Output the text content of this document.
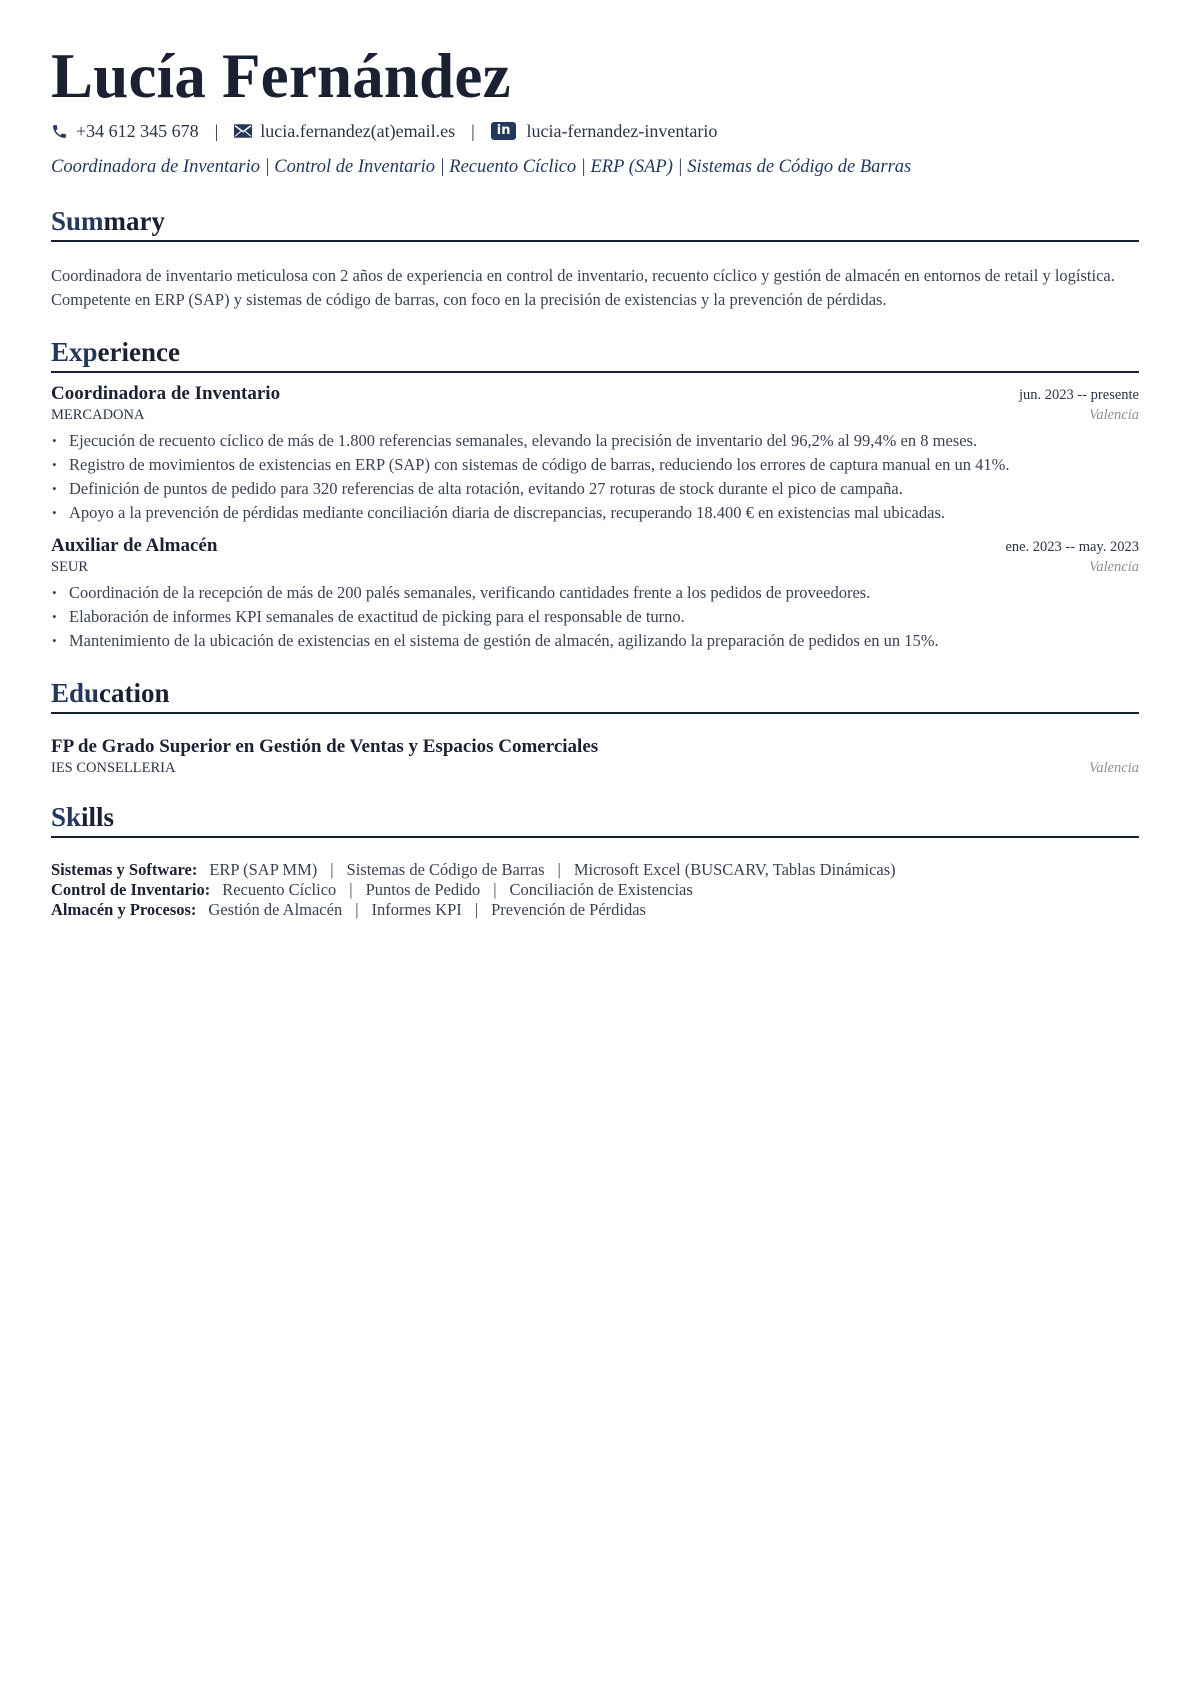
Lucía Fernández
+34 612 345 678 | lucia.fernandez(at)email.es |	in lucia-fernandez-inventario
Coordinadora de Inventario | Control de Inventario | Recuento Cíclico | ERP (SAP) | Sistemas de Código de Barras
Summary
Coordinadora de inventario meticulosa con 2 años de experiencia en control de inventario, recuento cíclico y gestión de almacén en entornos de retail y logística. Competente en ERP (SAP) y sistemas de código de barras, con foco en la precisión de existencias y la prevención de pérdidas.
Experience
Coordinadora de Inventario	jun. 2023 -- presente
MERCADONA	Valencia
• Ejecución de recuento cíclico de más de 1.800 referencias semanales, elevando la precisión de inventario del 96,2% al 99,4% en 8 meses.
• Registro de movimientos de existencias en ERP (SAP) con sistemas de código de barras, reduciendo los errores de captura manual en un 41%.
• Definición de puntos de pedido para 320 referencias de alta rotación, evitando 27 roturas de stock durante el pico de campaña.
• Apoyo a la prevención de pérdidas mediante conciliación diaria de discrepancias, recuperando 18.400 € en existencias mal ubicadas.
Auxiliar de Almacén	ene. 2023 -- may. 2023
SEUR	Valencia
• Coordinación de la recepción de más de 200 palés semanales, verificando cantidades frente a los pedidos de proveedores.
• Elaboración de informes KPI semanales de exactitud de picking para el responsable de turno.
• Mantenimiento de la ubicación de existencias en el sistema de gestión de almacén, agilizando la preparación de pedidos en un 15%.
Education
FP de Grado Superior en Gestión de Ventas y Espacios Comerciales
IES CONSELLERIA	Valencia
Skills
Sistemas y Software: ERP (SAP MM) | Sistemas de Código de Barras | Microsoft Excel (BUSCARV, Tablas Dinámicas)
Control de Inventario: Recuento Cíclico | Puntos de Pedido | Conciliación de Existencias
Almacén y Procesos: Gestión de Almacén | Informes KPI | Prevención de Pérdidas
